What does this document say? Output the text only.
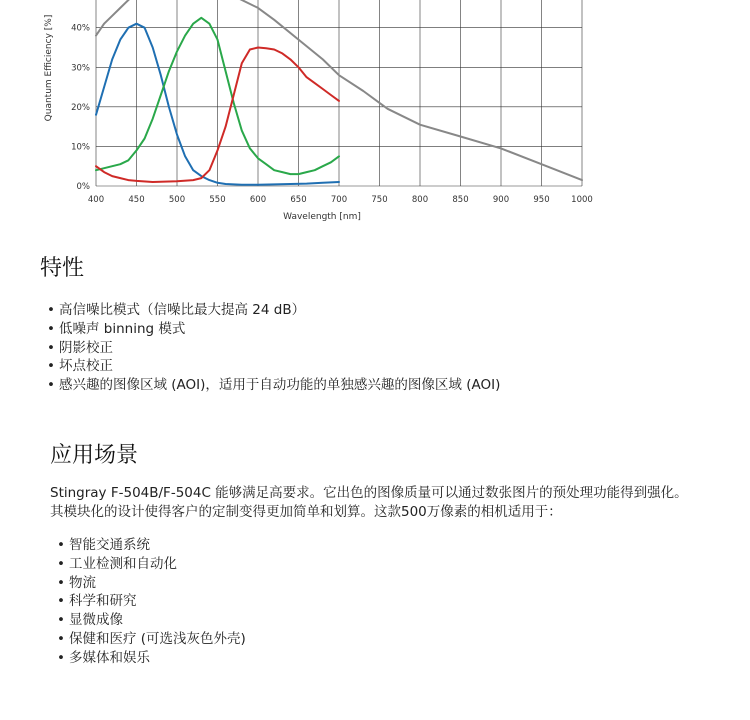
400	450	500	550	600	650	700	750	800	850	900	950	1000
0%
10%
20%
30%
40%
Wavelength [nm]
Quantum Efficiency [%]
特性
• 高信噪比模式（信噪比最大提高 24 dB）
• 低噪声 binning 模式
• 阴影校正
• 坏点校正
• 感兴趣的图像区域 (AOI)，适用于自动功能的单独感兴趣的图像区域 (AOI)
应用场景

Stingray F-504B/F-504C 能够满足高要求。它出色的图像质量可以通过数张图片的预处理功能得到强化。其模块化的设计使得客户的定制变得更加简单和划算。这款500万像素的相机适用于：

• 智能交通系统
• 工业检测和自动化
• 物流
• 科学和研究
• 显微成像
• 保健和医疗 (可选浅灰色外壳)
• 多媒体和娱乐
